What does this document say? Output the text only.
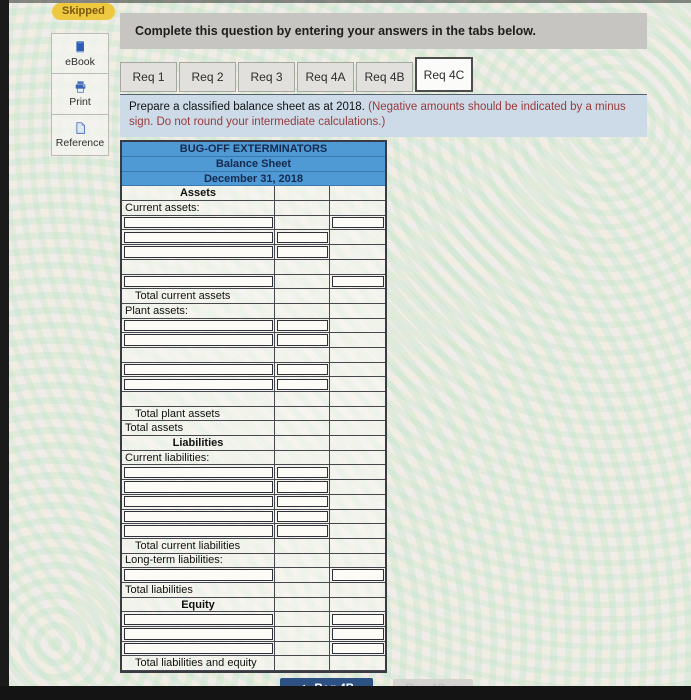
Skipped
eBook
Print
Reference
Complete this question by entering your answers in the tabs below.
Req 1	Req 2	Req 3	Req 4A	Req 4B	Req 4C
Prepare a classified balance sheet as at 2018. (Negative amounts should be indicated by a minus sign. Do not round your intermediate calculations.)
BUG-OFF EXTERMINATORS
Balance Sheet
December 31, 2018
Assets
Current assets:
Total current assets
Plant assets:
Total plant assets
Total assets
Liabilities
Current liabilities:
Total current liabilities
Long-term liabilities:
Total liabilities
Equity
Total liabilities and equity
